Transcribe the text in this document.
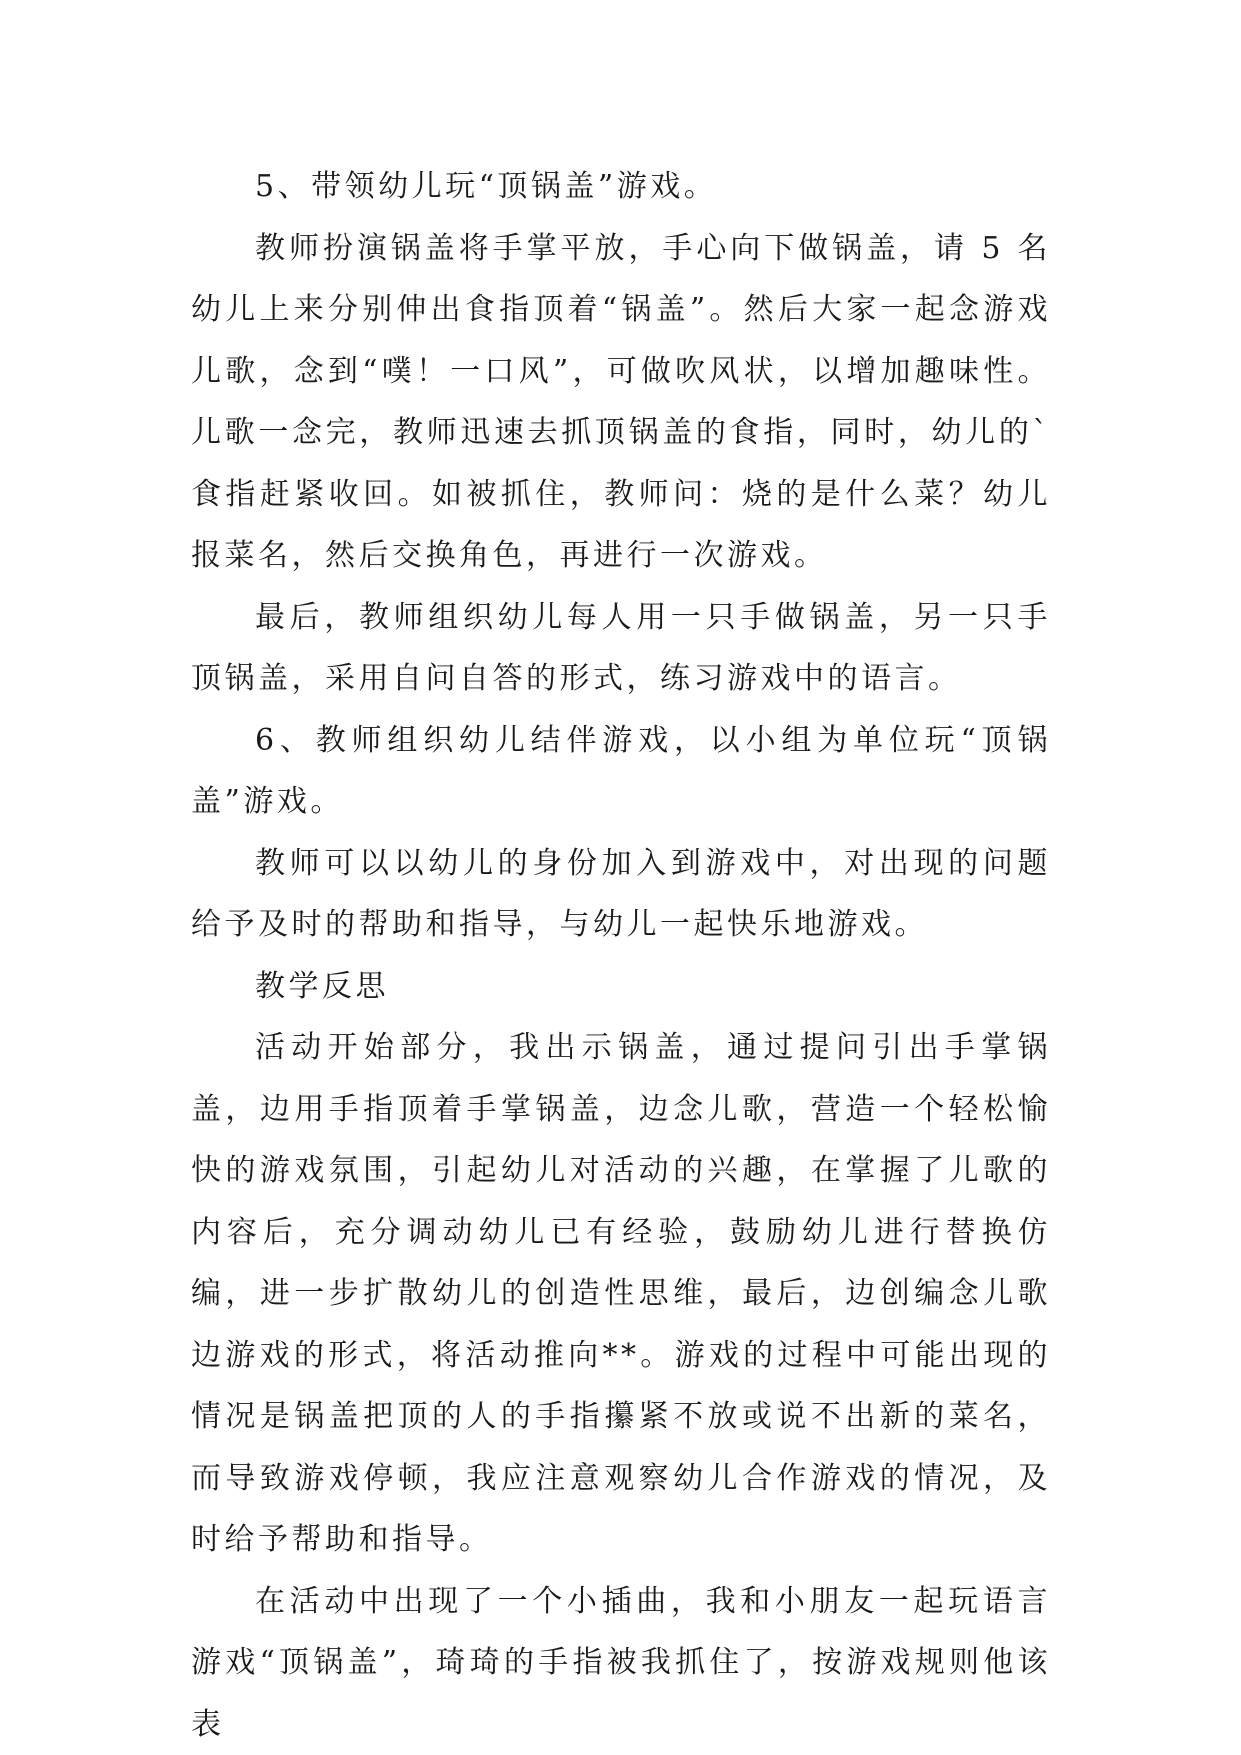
5、带领幼儿玩“顶锅盖”游戏。

教师扮演锅盖将手掌平放，手心向下做锅盖，请 5 名幼儿上来分别伸出食指顶着“锅盖”。然后大家一起念游戏儿歌，念到“噗！一口风”，可做吹风状，以增加趣味性。儿歌一念完，教师迅速去抓顶锅盖的食指，同时，幼儿的`食指赶紧收回。如被抓住，教师问：烧的是什么菜？幼儿报菜名，然后交换角色，再进行一次游戏。

最后，教师组织幼儿每人用一只手做锅盖，另一只手顶锅盖，采用自问自答的形式，练习游戏中的语言。

6、教师组织幼儿结伴游戏，以小组为单位玩“顶锅盖”游戏。

教师可以以幼儿的身份加入到游戏中，对出现的问题给予及时的帮助和指导，与幼儿一起快乐地游戏。

教学反思

活动开始部分，我出示锅盖，通过提问引出手掌锅盖，边用手指顶着手掌锅盖，边念儿歌，营造一个轻松愉快的游戏氛围，引起幼儿对活动的兴趣，在掌握了儿歌的内容后，充分调动幼儿已有经验，鼓励幼儿进行替换仿编，进一步扩散幼儿的创造性思维，最后，边创编念儿歌边游戏的形式，将活动推向**。游戏的过程中可能出现的情况是锅盖把顶的人的手指攥紧不放或说不出新的菜名，而导致游戏停顿，我应注意观察幼儿合作游戏的情况，及时给予帮助和指导。

在活动中出现了一个小插曲，我和小朋友一起玩语言游戏“顶锅盖”，琦琦的手指被我抓住了，按游戏规则他该表
